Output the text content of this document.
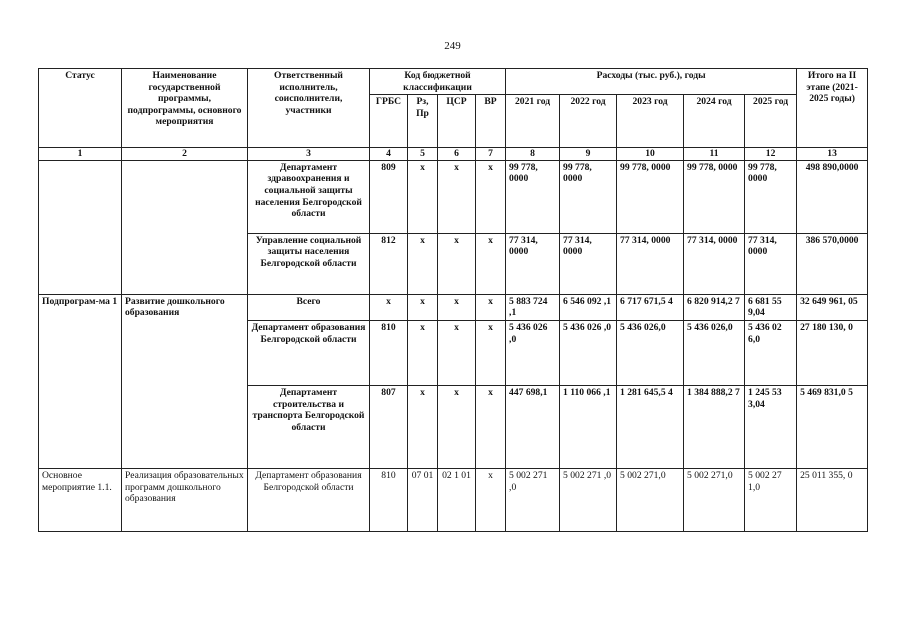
249
Статус	Наименование государственной программы, подпрограммы, основного мероприятия	Ответственный исполнитель, соисполнители, участники	Код бюджетной классификации				Расходы (тыс. руб.), годы					Итого на II этапе (2021-2025 годы)
			ГРБС	Рз, Пр	ЦСР	ВР	2021 год	2022 год	2023 год	2024 год	2025 год	
1	2	3	4	5	6	7	8	9	10	11	12	13
		Департамент здравоохранения и социальной защиты населения Белгородской области	809	x	x	x	99 778, 0000	99 778, 0000	99 778, 0000	99 778, 0000	99 778, 0000	498 890,0000
		Управление социальной защиты населения Белгородской области	812	x	x	x	77 314, 0000	77 314, 0000	77 314, 0000	77 314, 0000	77 314, 0000	386 570,0000
Подпрограм-ма 1	Развитие дошкольного образования	Всего	x	x	x	x	5 883 724 ,1	6 546 092 ,1	6 717 671,5 4	6 820 914,2 7	6 681 55 9,04	32 649 961, 05
		Департамент образования Белгородской области	810	x	x	x	5 436 026 ,0	5 436 026 ,0	5 436 026,0	5 436 026,0	5 436 02 6,0	27 180 130, 0
		Департамент строительства и транспорта Белгородской области	807	x	x	x	447 698,1	1 110 066 ,1	1 281 645,5 4	1 384 888,2 7	1 245 53 3,04	5 469 831,0 5
Основное мероприятие 1.1.	Реализация образовательных программ дошкольного образования	Департамент образования Белгородской области	810	07 01	02 1 01	x	5 002 271 ,0	5 002 271 ,0	5 002 271,0	5 002 271,0	5 002 27 1,0	25 011 355, 0
